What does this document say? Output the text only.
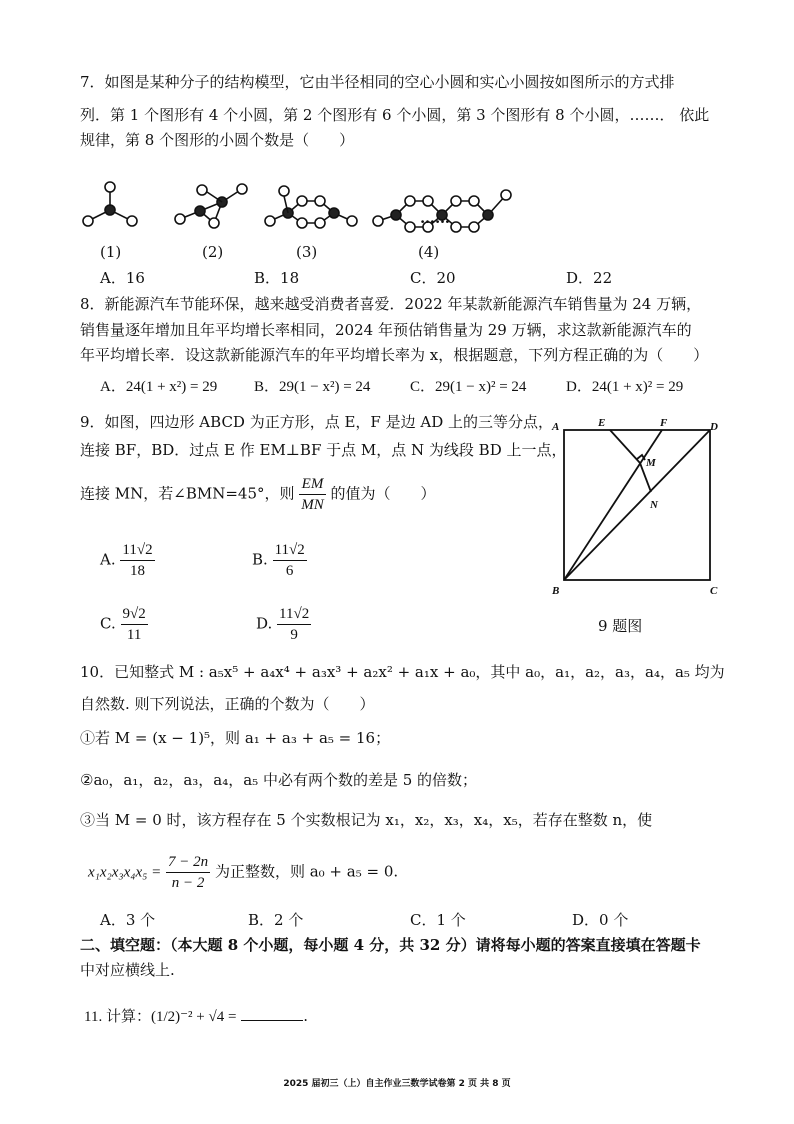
7．如图是某种分子的结构模型，它由半径相同的空心小圆和实心小圆按如图所示的方式排
列．第 1 个图形有 4 个小圆，第 2 个图形有 6 个小圆，第 3 个图形有 8 个小圆，……． 依此
规律，第 8 个图形的小圆个数是（　　）
……
(1)	(2)	(3)	(4)
A．16	B．18	C．20	D．22
8．新能源汽车节能环保，越来越受消费者喜爱．2022 年某款新能源汽车销售量为 24 万辆，
销售量逐年增加且年平均增长率相同，2024 年预估销售量为 29 万辆，求这款新能源汽车的
年平均增长率．设这款新能源汽车的年平均增长率为 x，根据题意，下列方程正确的为（　　）
A．24(1 + x²) = 29 B．29(1 − x²) = 24	C．29(1 − x)² = 24	D．24(1 + x)² = 29
9．如图，四边形 ABCD 为正方形，点 E，F 是边 AD 上的三等分点，
连接 BF，BD．过点 E 作 EM⊥BF 于点 M，点 N 为线段 BD 上一点，
连接 MN，若∠BMN=45°，则 $\frac{EM}{MN}$ 的值为（　　）
A. $\frac{11√2}{18}$	B. $\frac{11√2}{6}$
C. $\frac{9√2}{11}$	D. $\frac{11√2}{9}$
A	E	F	D
M
N
B	C
9 题图
10．已知整式 M : a₅x⁵ + a₄x⁴ + a₃x³ + a₂x² + a₁x + a₀，其中 a₀，a₁，a₂，a₃，a₄，a₅ 均为
自然数. 则下列说法，正确的个数为（　　）
①若 M = (x − 1)⁵，则 a₁ + a₃ + a₅ = 16；
②a₀，a₁，a₂，a₃，a₄，a₅ 中必有两个数的差是 5 的倍数；
③当 M = 0 时，该方程存在 5 个实数根记为 x₁，x₂，x₃，x₄，x₅，若存在整数 n，使
$x_1x_2x_3x_4x_5 = \frac{7 - 2n}{n - 2}$ 为正整数，则 a₀ + a₅ = 0.
A．3 个	B．2 个	C．1 个	D．0 个
二、填空题：（本大题 8 个小题，每小题 4 分，共 32 分）请将每小题的答案直接填在答题卡
中对应横线上.
11. 计算：(1/2)⁻² + √4 =	.
2025 届初三（上）自主作业三数学试卷第 2 页 共 8 页
